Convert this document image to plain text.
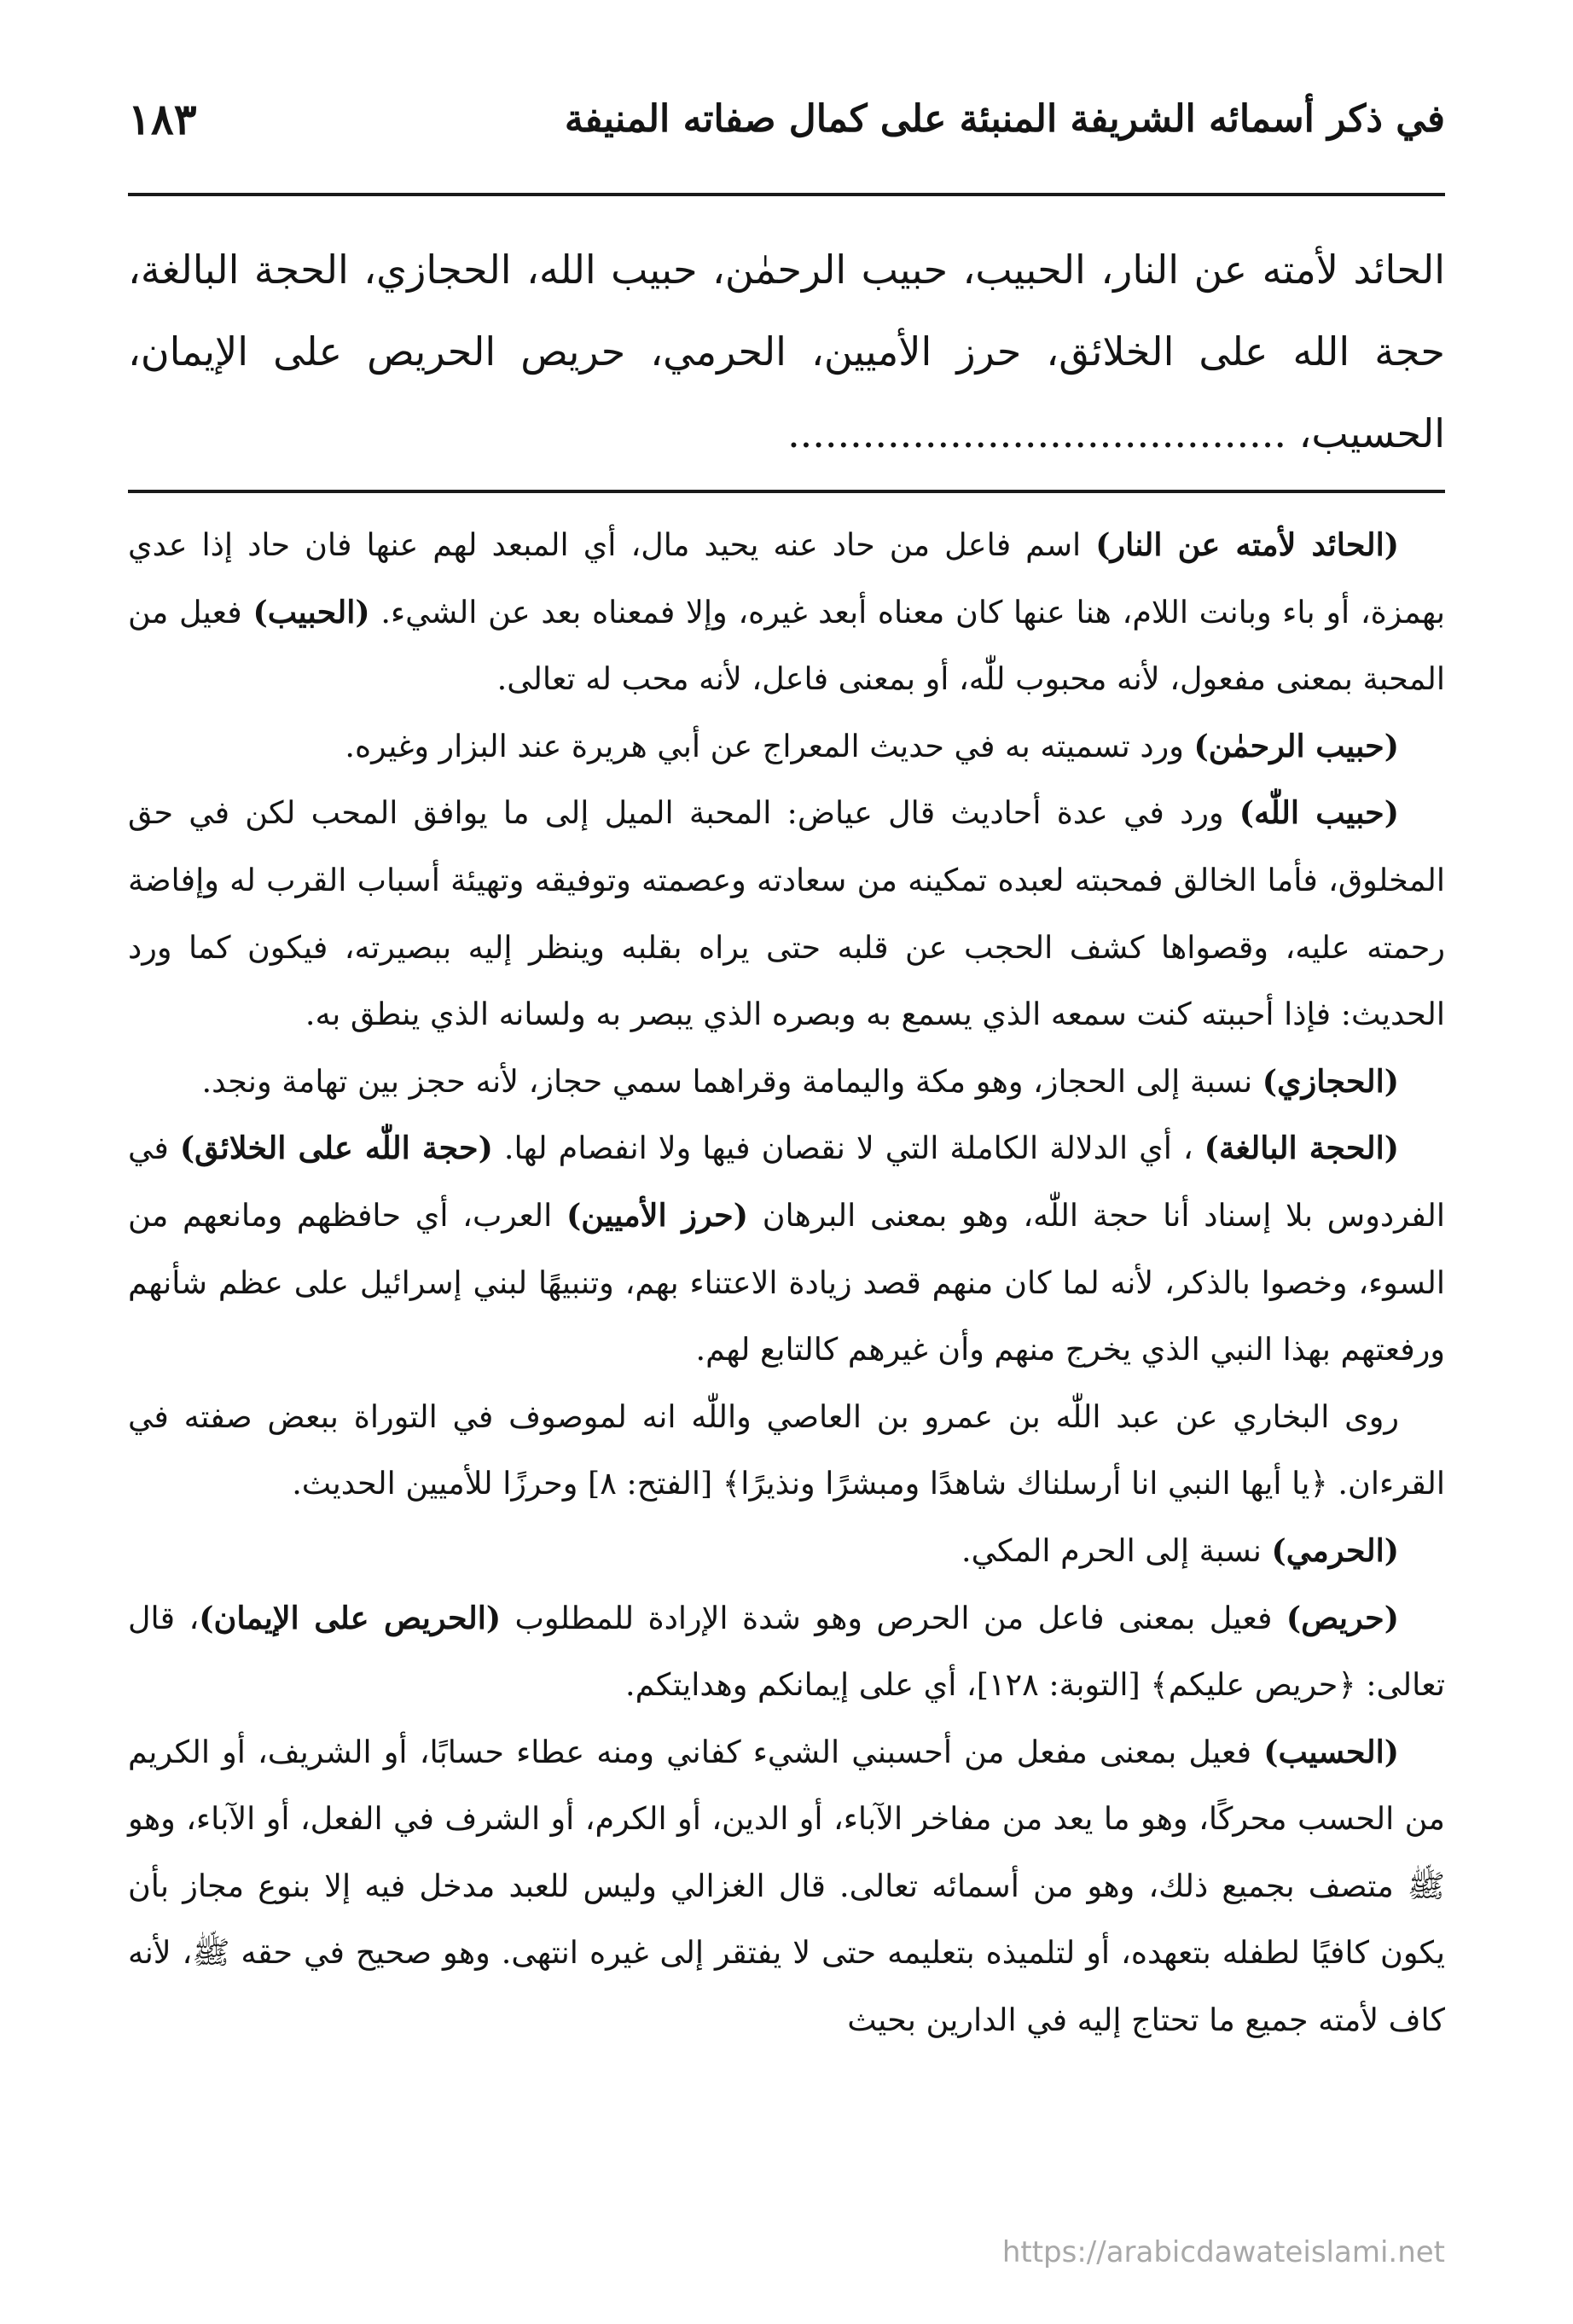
في ذكر أسمائه الشريفة المنبئة على كمال صفاته المنيفة
١٨٣
الحائد لأمته عن النار، الحبيب، حبيب الرحمٰن، حبيب الله، الحجازي، الحجة البالغة، حجة الله على الخلائق، حرز الأميين، الحرمي، حريص الحريص على الإيمان، الحسيب، ........................................

(الحائد لأمته عن النار) اسم فاعل من حاد عنه يحيد مال، أي المبعد لهم عنها فان حاد إذا عدي بهمزة، أو باء وبانت اللام، هنا عنها كان معناه أبعد غيره، وإلا فمعناه بعد عن الشيء. (الحبيب) فعيل من المحبة بمعنى مفعول، لأنه محبوب للّٰه، أو بمعنى فاعل، لأنه محب له تعالى.

(حبيب الرحمٰن) ورد تسميته به في حديث المعراج عن أبي هريرة عند البزار وغيره.

(حبيب اللّٰه) ورد في عدة أحاديث قال عياض: المحبة الميل إلى ما يوافق المحب لكن في حق المخلوق، فأما الخالق فمحبته لعبده تمكينه من سعادته وعصمته وتوفيقه وتهيئة أسباب القرب له وإفاضة رحمته عليه، وقصواها كشف الحجب عن قلبه حتى يراه بقلبه وينظر إليه ببصيرته، فيكون كما ورد الحديث: فإذا أحببته كنت سمعه الذي يسمع به وبصره الذي يبصر به ولسانه الذي ينطق به.

(الحجازي) نسبة إلى الحجاز، وهو مكة واليمامة وقراهما سمي حجاز، لأنه حجز بين تهامة ونجد.

(الحجة البالغة) ، أي الدلالة الكاملة التي لا نقصان فيها ولا انفصام لها. (حجة اللّٰه على الخلائق) في الفردوس بلا إسناد أنا حجة اللّٰه، وهو بمعنى البرهان (حرز الأميين) العرب، أي حافظهم ومانعهم من السوء، وخصوا بالذكر، لأنه لما كان منهم قصد زيادة الاعتناء بهم، وتنبيهًا لبني إسرائيل على عظم شأنهم ورفعتهم بهذا النبي الذي يخرج منهم وأن غيرهم كالتابع لهم.

روى البخاري عن عبد اللّٰه بن عمرو بن العاصي واللّٰه انه لموصوف في التوراة ببعض صفته في القرءان. ﴿يا أيها النبي انا أرسلناك شاهدًا ومبشرًا ونذيرًا﴾ [الفتح: ٨] وحرزًا للأميين الحديث.

(الحرمي) نسبة إلى الحرم المكي.

(حريص) فعيل بمعنى فاعل من الحرص وهو شدة الإرادة للمطلوب (الحريص على الإيمان)، قال تعالى: ﴿حريص عليكم﴾ [التوبة: ١٢٨]، أي على إيمانكم وهدايتكم.

(الحسيب) فعيل بمعنى مفعل من أحسبني الشيء كفاني ومنه عطاء حسابًا، أو الشريف، أو الكريم من الحسب محركًا، وهو ما يعد من مفاخر الآباء، أو الدين، أو الكرم، أو الشرف في الفعل، أو الآباء، وهو ﷺ متصف بجميع ذلك، وهو من أسمائه تعالى. قال الغزالي وليس للعبد مدخل فيه إلا بنوع مجاز بأن يكون كافيًا لطفله بتعهده، أو لتلميذه بتعليمه حتى لا يفتقر إلى غيره انتهى. وهو صحيح في حقه ﷺ، لأنه كاف لأمته جميع ما تحتاج إليه في الدارين بحيث

https://arabicdawateislami.net
